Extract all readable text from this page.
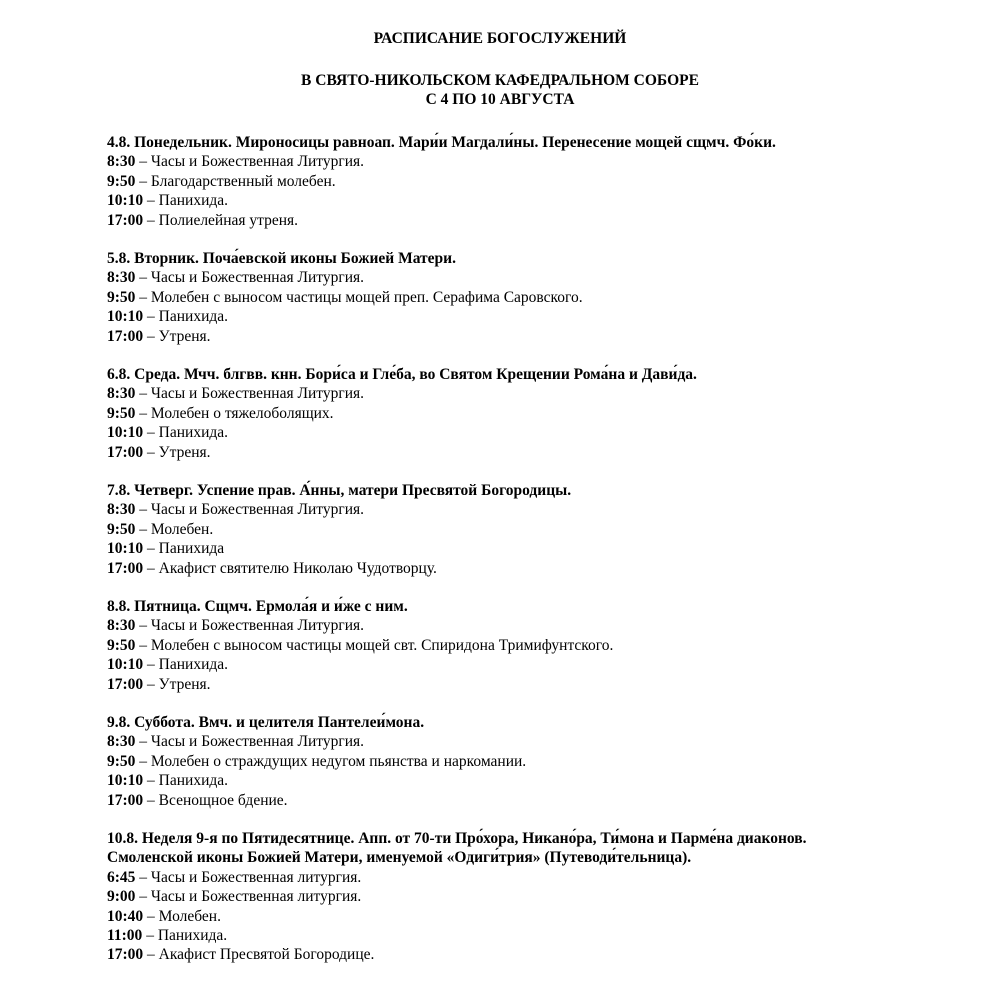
РАСПИСАНИЕ БОГОСЛУЖЕНИЙ
В СВЯТО-НИКОЛЬСКОМ КАФЕДРАЛЬНОМ СОБОРЕ
С 4 ПО 10 АВГУСТА
4.8. Понедельник. Мироносицы равноап. Мари́и Магдали́ны. Перенесение мощей сщмч. Фо́ки.
8:30 – Часы и Божественная Литургия.
9:50 – Благодарственный молебен.
10:10 – Панихида.
17:00 – Полиелейная утреня.
5.8. Вторник. Поча́евской иконы Божией Матери.
8:30 – Часы и Божественная Литургия.
9:50 – Молебен с выносом частицы мощей преп. Серафима Саровского.
10:10 – Панихида.
17:00 – Утреня.
6.8. Среда. Мчч. блгвв. кнн. Бори́са и Гле́ба, во Святом Крещении Рома́на и Дави́да.
8:30 – Часы и Божественная Литургия.
9:50 – Молебен о тяжелоболящих.
10:10 – Панихида.
17:00 – Утреня.
7.8. Четверг. Успение прав. А́нны, матери Пресвятой Богородицы.
8:30 – Часы и Божественная Литургия.
9:50 – Молебен.
10:10 – Панихида
17:00 – Акафист святителю Николаю Чудотворцу.
8.8. Пятница. Сщмч. Ермола́я и и́же с ним.
8:30 – Часы и Божественная Литургия.
9:50 – Молебен с выносом частицы мощей свт. Спиридона Тримифунтского.
10:10 – Панихида.
17:00 – Утреня.
9.8. Суббота. Вмч. и целителя Пантелеи́мона.
8:30 – Часы и Божественная Литургия.
9:50 – Молебен о страждущих недугом пьянства и наркомании.
10:10 – Панихида.
17:00 – Всенощное бдение.
10.8. Неделя 9-я по Пятидесятнице. Апп. от 70-ти Про́хора, Никано́ра, Ти́мона и Парме́на диаконов.
Смоленской иконы Божией Матери, именуемой «Одиги́трия» (Путеводи́тельница).
6:45 – Часы и Божественная литургия.
9:00 – Часы и Божественная литургия.
10:40 – Молебен.
11:00 – Панихида.
17:00 – Акафист Пресвятой Богородице.
